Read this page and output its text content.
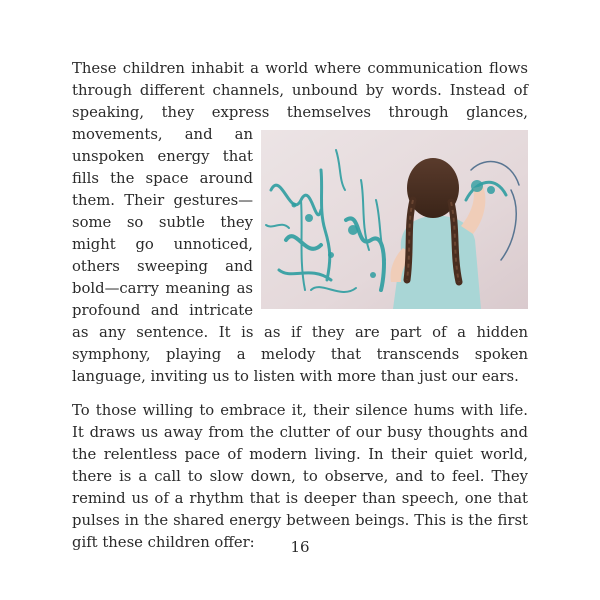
These children inhabit a world where communication flows through different channels, unbound by words. Instead of speaking, they express themselves through glances, movements, and an unspoken energy that fills the space around them. Their gestures—some so subtle they might go unnoticed, others sweeping and bold—carry meaning as profound and intricate as any sentence. It is as if they are part of a hidden symphony, playing a melody that transcends spoken language, inviting us to listen with more than just our ears.

To those willing to embrace it, their silence hums with life. It draws us away from the clutter of our busy thoughts and the relentless pace of modern living. In their quiet world, there is a call to slow down, to observe, and to feel. They remind us of a rhythm that is deeper than speech, one that pulses in the shared energy between beings. This is the first gift these children offer:	16
